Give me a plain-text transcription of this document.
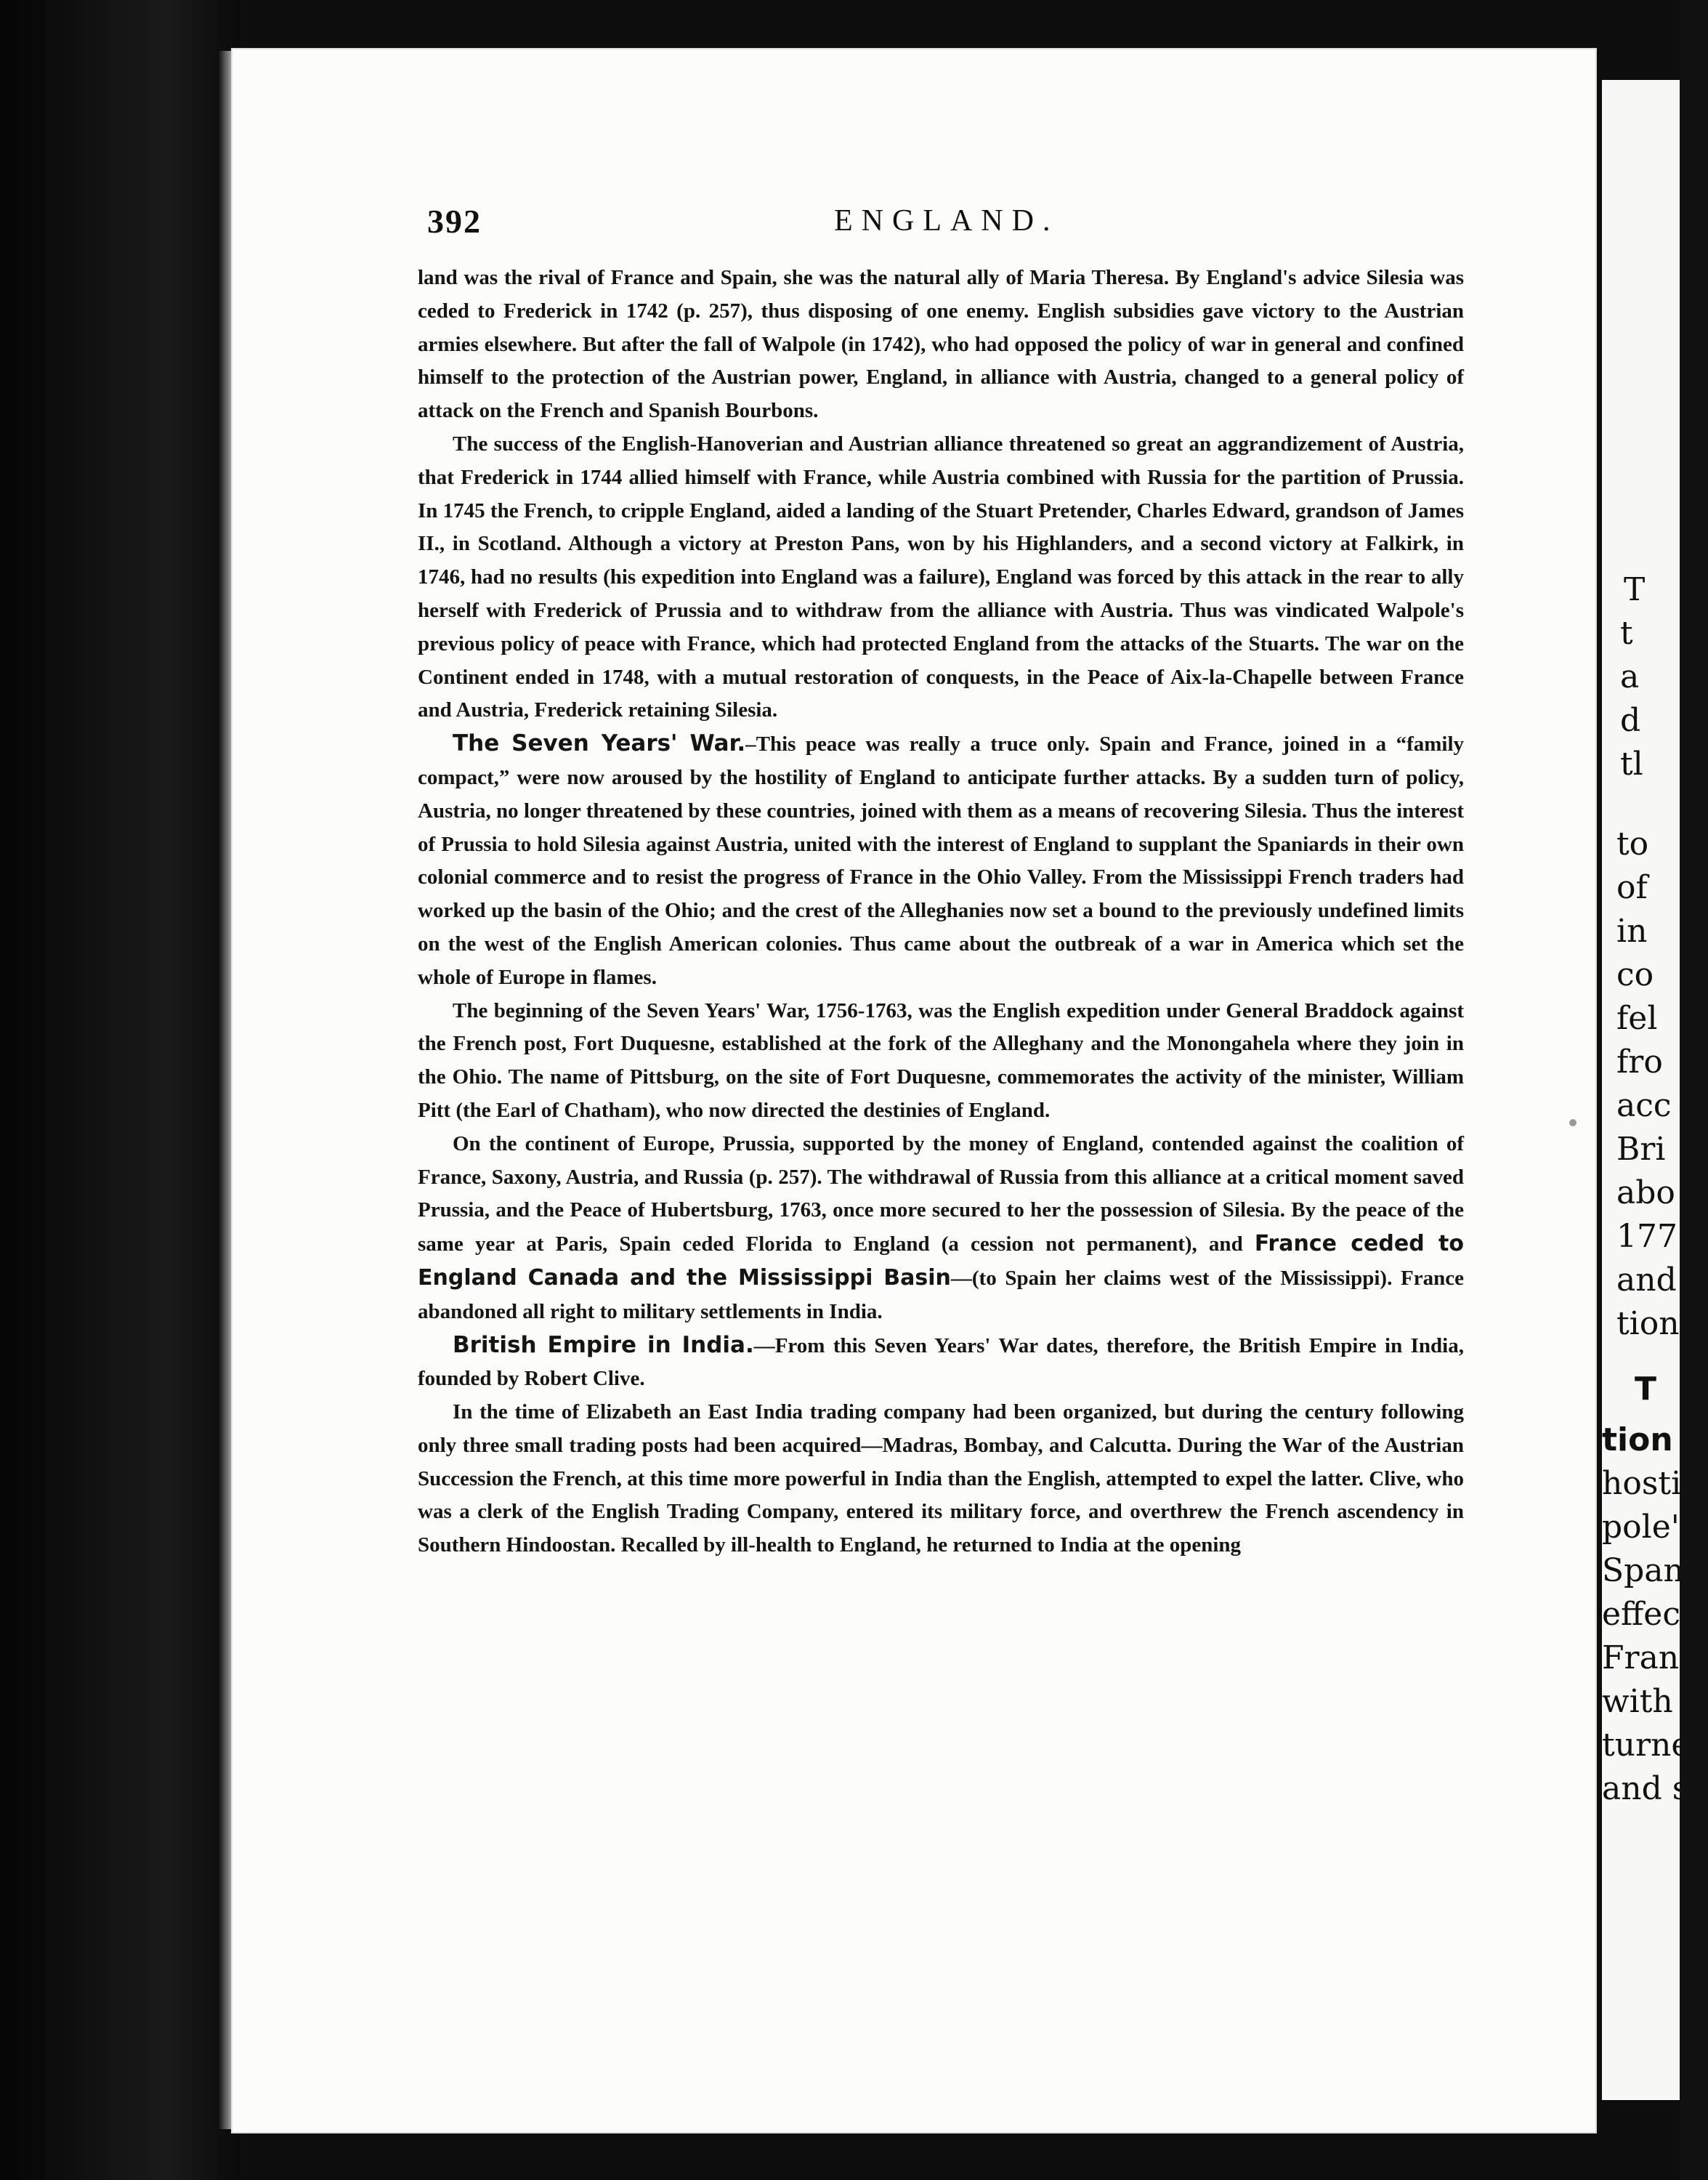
392	ENGLAND.

land was the rival of France and Spain, she was the natural ally of Maria Theresa. By England's advice Silesia was ceded to Frederick in 1742 (p. 257), thus disposing of one enemy. English subsidies gave victory to the Austrian armies elsewhere. But after the fall of Walpole (in 1742), who had opposed the policy of war in general and confined himself to the protection of the Austrian power, England, in alliance with Austria, changed to a general policy of attack on the French and Spanish Bourbons.

The success of the English-Hanoverian and Austrian alliance threatened so great an aggrandizement of Austria, that Frederick in 1744 allied himself with France, while Austria combined with Russia for the partition of Prussia. In 1745 the French, to cripple England, aided a landing of the Stuart Pretender, Charles Edward, grandson of James II., in Scotland. Although a victory at Preston Pans, won by his Highlanders, and a second victory at Falkirk, in 1746, had no results (his expedition into England was a failure), England was forced by this attack in the rear to ally herself with Frederick of Prussia and to withdraw from the alliance with Austria. Thus was vindicated Walpole's previous policy of peace with France, which had protected England from the attacks of the Stuarts. The war on the Continent ended in 1748, with a mutual restoration of conquests, in the Peace of Aix-la-Chapelle between France and Austria, Frederick retaining Silesia.

The Seven Years' War.–This peace was really a truce only. Spain and France, joined in a “family compact,” were now aroused by the hostility of England to anticipate further attacks. By a sudden turn of policy, Austria, no longer threatened by these countries, joined with them as a means of recovering Silesia. Thus the interest of Prussia to hold Silesia against Austria, united with the interest of England to supplant the Spaniards in their own colonial commerce and to resist the progress of France in the Ohio Valley. From the Mississippi French traders had worked up the basin of the Ohio; and the crest of the Alleghanies now set a bound to the previously undefined limits on the west of the English American colonies. Thus came about the outbreak of a war in America which set the whole of Europe in flames.

The beginning of the Seven Years' War, 1756-1763, was the English expedition under General Braddock against the French post, Fort Duquesne, established at the fork of the Alleghany and the Monongahela where they join in the Ohio. The name of Pittsburg, on the site of Fort Duquesne, commemorates the activity of the minister, William Pitt (the Earl of Chatham), who now directed the destinies of England.

On the continent of Europe, Prussia, supported by the money of England, contended against the coalition of France, Saxony, Austria, and Russia (p. 257). The withdrawal of Russia from this alliance at a critical moment saved Prussia, and the Peace of Hubertsburg, 1763, once more secured to her the possession of Silesia. By the peace of the same year at Paris, Spain ceded Florida to England (a cession not permanent), and France ceded to England Canada and the Mississippi Basin—(to Spain her claims west of the Mississippi). France abandoned all right to military settlements in India.

British Empire in India.—From this Seven Years' War dates, therefore, the British Empire in India, founded by Robert Clive.

In the time of Elizabeth an East India trading company had been organized, but during the century following only three small trading posts had been acquired—Madras, Bombay, and Calcutta. During the War of the Austrian Succession the French, at this time more powerful in India than the English, attempted to expel the latter. Clive, who was a clerk of the English Trading Company, entered its military force, and overthrew the French ascendency in Southern Hindoostan. Recalled by ill-health to England, he returned to India at the opening

T
t
a
d
tl
to
of
in
co
fel
fro
acc
Bri
abo
177
and
tion
T
tion
hosti
pole's
Span
effect
Franc
with
turnec
and s
